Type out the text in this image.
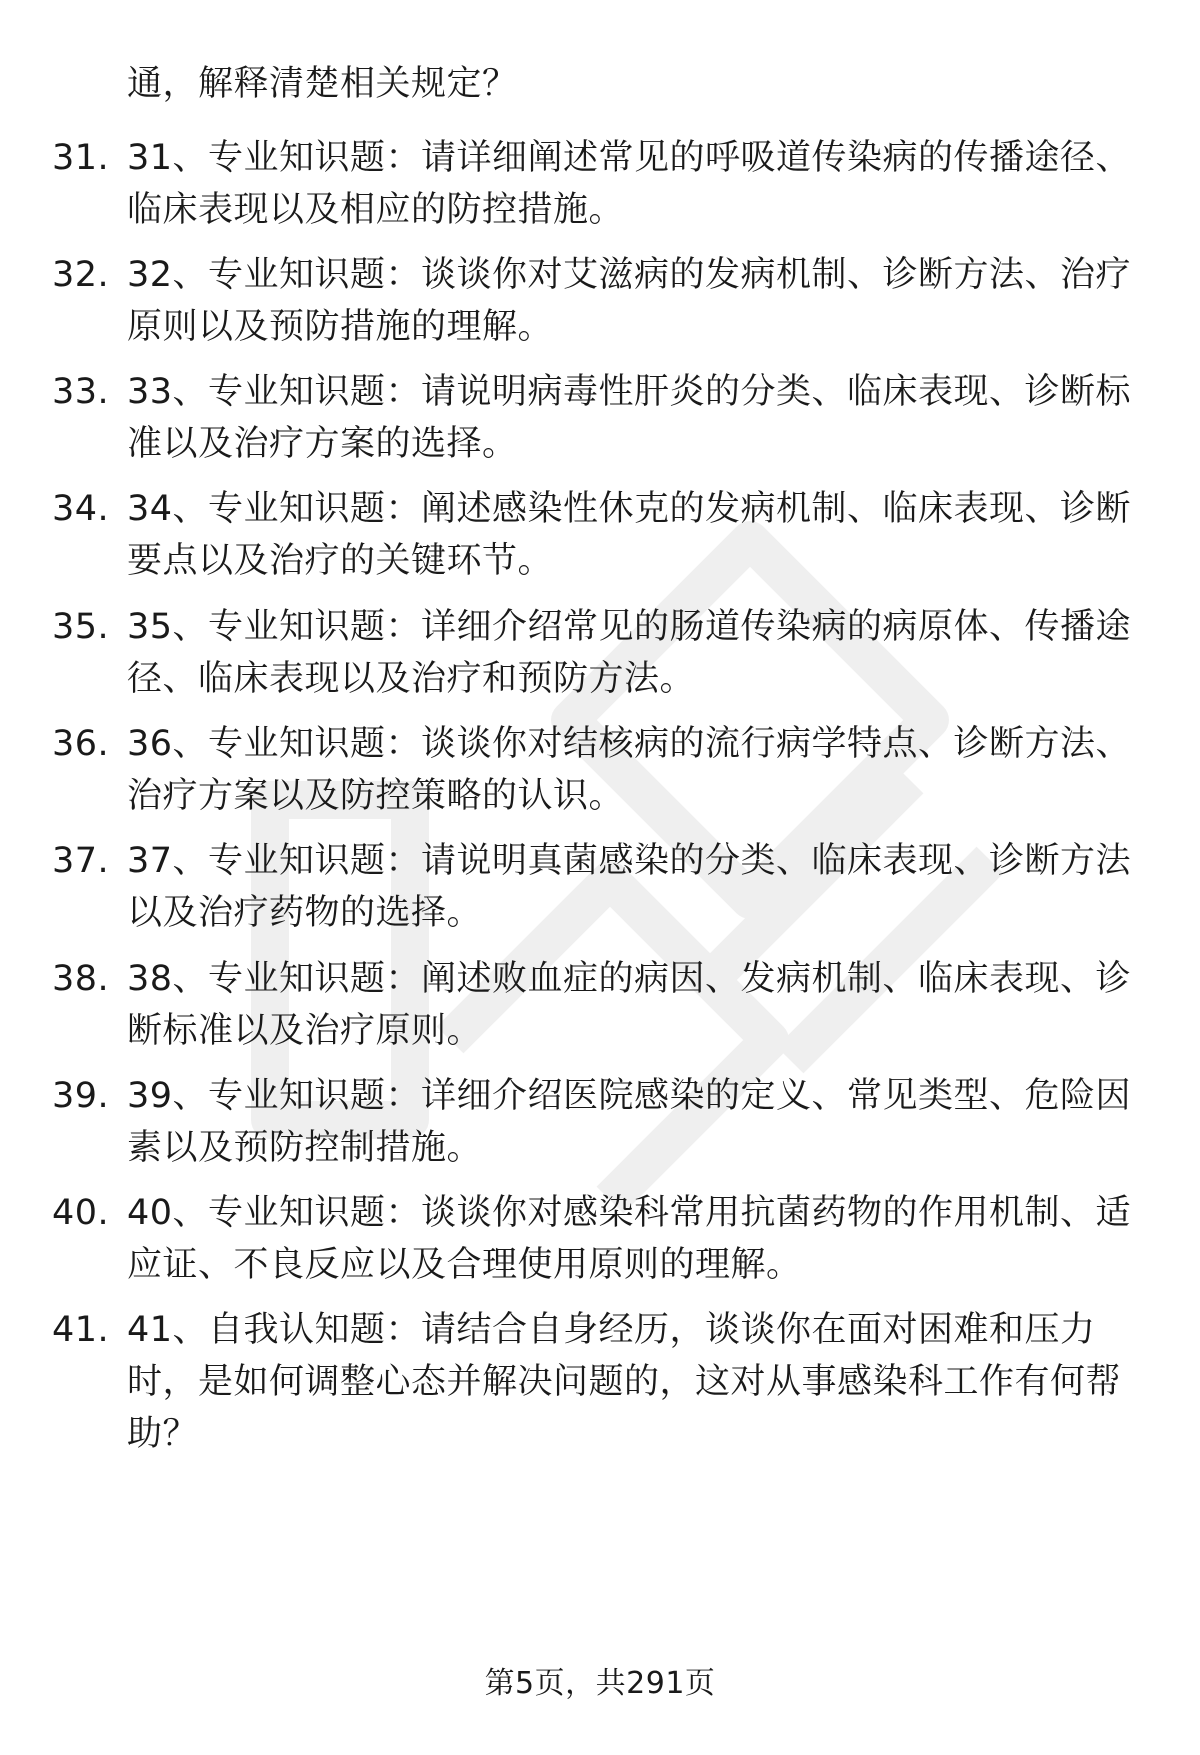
通，解释清楚相关规定？
31. 31、专业知识题：请详细阐述常见的呼吸道传染病的传播途径、临床表现以及相应的防控措施。
32. 32、专业知识题：谈谈你对艾滋病的发病机制、诊断方法、治疗原则以及预防措施的理解。
33. 33、专业知识题：请说明病毒性肝炎的分类、临床表现、诊断标准以及治疗方案的选择。
34. 34、专业知识题：阐述感染性休克的发病机制、临床表现、诊断要点以及治疗的关键环节。
35. 35、专业知识题：详细介绍常见的肠道传染病的病原体、传播途径、临床表现以及治疗和预防方法。
36. 36、专业知识题：谈谈你对结核病的流行病学特点、诊断方法、治疗方案以及防控策略的认识。
37. 37、专业知识题：请说明真菌感染的分类、临床表现、诊断方法以及治疗药物的选择。
38. 38、专业知识题：阐述败血症的病因、发病机制、临床表现、诊断标准以及治疗原则。
39. 39、专业知识题：详细介绍医院感染的定义、常见类型、危险因素以及预防控制措施。
40. 40、专业知识题：谈谈你对感染科常用抗菌药物的作用机制、适应证、不良反应以及合理使用原则的理解。
41. 41、自我认知题：请结合自身经历，谈谈你在面对困难和压力时，是如何调整心态并解决问题的，这对从事感染科工作有何帮助？
第5页，共291页
